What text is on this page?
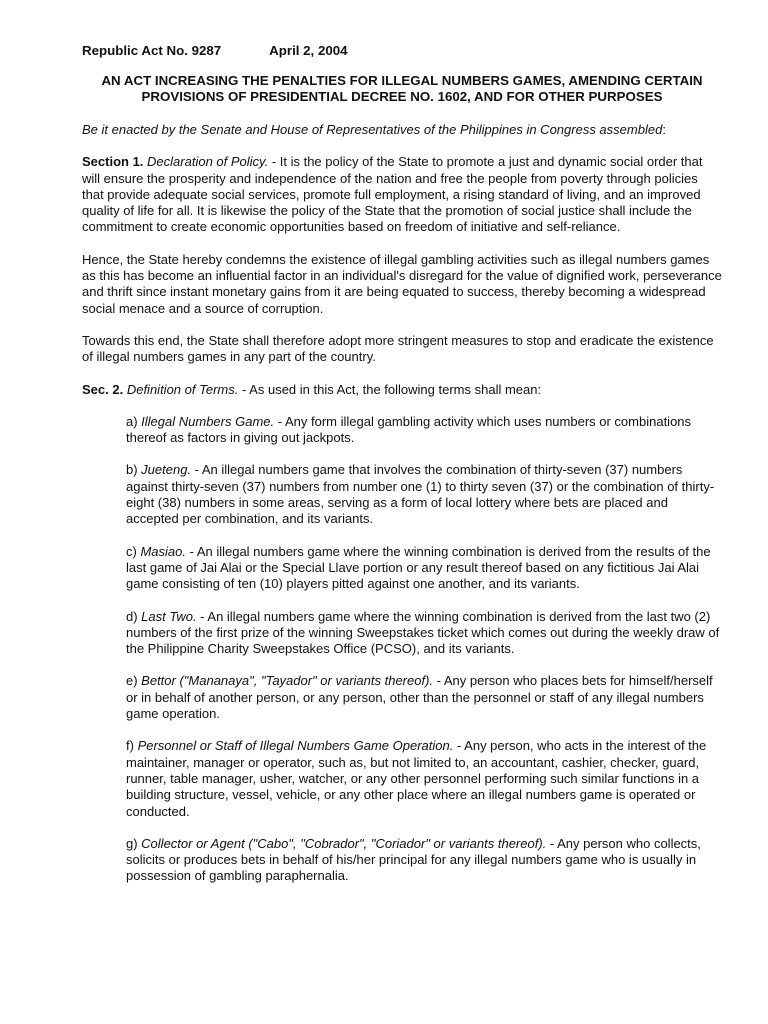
Republic Act No. 9287	April 2, 2004
AN ACT INCREASING THE PENALTIES FOR ILLEGAL NUMBERS GAMES, AMENDING CERTAIN
PROVISIONS OF PRESIDENTIAL DECREE NO. 1602, AND FOR OTHER PURPOSES
Be it enacted by the Senate and House of Representatives of the Philippines in Congress assembled:
Section 1. Declaration of Policy. - It is the policy of the State to promote a just and dynamic social order that will ensure the prosperity and independence of the nation and free the people from poverty through policies that provide adequate social services, promote full employment, a rising standard of living, and an improved quality of life for all. It is likewise the policy of the State that the promotion of social justice shall include the commitment to create economic opportunities based on freedom of initiative and self-reliance.
Hence, the State hereby condemns the existence of illegal gambling activities such as illegal numbers games as this has become an influential factor in an individual's disregard for the value of dignified work, perseverance and thrift since instant monetary gains from it are being equated to success, thereby becoming a widespread social menace and a source of corruption.
Towards this end, the State shall therefore adopt more stringent measures to stop and eradicate the existence of illegal numbers games in any part of the country.
Sec. 2. Definition of Terms. - As used in this Act, the following terms shall mean:
a) Illegal Numbers Game. - Any form illegal gambling activity which uses numbers or combinations thereof as factors in giving out jackpots.
b) Jueteng. - An illegal numbers game that involves the combination of thirty-seven (37) numbers against thirty-seven (37) numbers from number one (1) to thirty seven (37) or the combination of thirty-eight (38) numbers in some areas, serving as a form of local lottery where bets are placed and accepted per combination, and its variants.
c) Masiao. - An illegal numbers game where the winning combination is derived from the results of the last game of Jai Alai or the Special Llave portion or any result thereof based on any fictitious Jai Alai game consisting of ten (10) players pitted against one another, and its variants.
d) Last Two. - An illegal numbers game where the winning combination is derived from the last two (2) numbers of the first prize of the winning Sweepstakes ticket which comes out during the weekly draw of the Philippine Charity Sweepstakes Office (PCSO), and its variants.
e) Bettor ("Mananaya", "Tayador" or variants thereof). - Any person who places bets for himself/herself or in behalf of another person, or any person, other than the personnel or staff of any illegal numbers game operation.
f) Personnel or Staff of Illegal Numbers Game Operation. - Any person, who acts in the interest of the maintainer, manager or operator, such as, but not limited to, an accountant, cashier, checker, guard, runner, table manager, usher, watcher, or any other personnel performing such similar functions in a building structure, vessel, vehicle, or any other place where an illegal numbers game is operated or conducted.
g) Collector or Agent ("Cabo", "Cobrador", "Coriador" or variants thereof). - Any person who collects, solicits or produces bets in behalf of his/her principal for any illegal numbers game who is usually in possession of gambling paraphernalia.
